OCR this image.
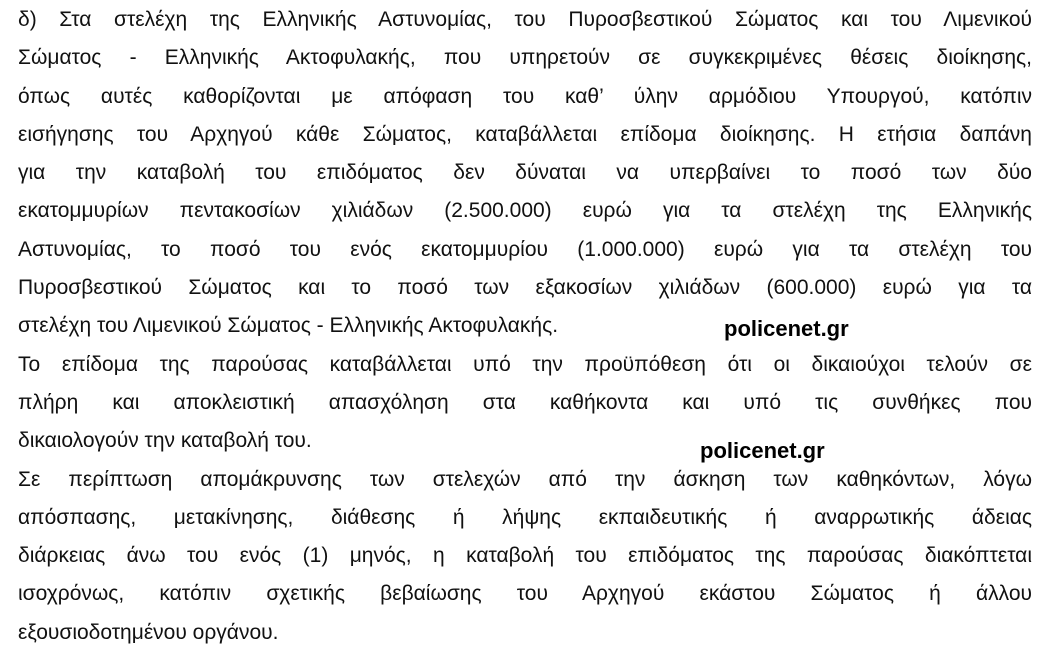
δ) Στα στελέχη της Ελληνικής Αστυνομίας, του Πυροσβεστικού Σώματος και του Λιμενικού
Σώματος - Ελληνικής Ακτοφυλακής, που υπηρετούν σε συγκεκριμένες θέσεις διοίκησης,
όπως αυτές καθορίζονται με απόφαση του καθ’ ύλην αρμόδιου Υπουργού, κατόπιν
εισήγησης του Αρχηγού κάθε Σώματος, καταβάλλεται επίδομα διοίκησης. Η ετήσια δαπάνη
για την καταβολή του επιδόματος δεν δύναται να υπερβαίνει το ποσό των δύο
εκατομμυρίων πεντακοσίων χιλιάδων (2.500.000) ευρώ για τα στελέχη της Ελληνικής
Αστυνομίας, το ποσό του ενός εκατομμυρίου (1.000.000) ευρώ για τα στελέχη του
Πυροσβεστικού Σώματος και το ποσό των εξακοσίων χιλιάδων (600.000) ευρώ για τα
στελέχη του Λιμενικού Σώματος - Ελληνικής Ακτοφυλακής.
Το επίδομα της παρούσας καταβάλλεται υπό την προϋπόθεση ότι οι δικαιούχοι τελούν σε
πλήρη και αποκλειστική απασχόληση στα καθήκοντα και υπό τις συνθήκες που
δικαιολογούν την καταβολή του.
Σε περίπτωση απομάκρυνσης των στελεχών από την άσκηση των καθηκόντων, λόγω
απόσπασης, μετακίνησης, διάθεσης ή λήψης εκπαιδευτικής ή αναρρωτικής άδειας
διάρκειας άνω του ενός (1) μηνός, η καταβολή του επιδόματος της παρούσας διακόπτεται
ισοχρόνως, κατόπιν σχετικής βεβαίωσης του Αρχηγού εκάστου Σώματος ή άλλου
εξουσιοδοτημένου οργάνου.
policenet.gr
policenet.gr
